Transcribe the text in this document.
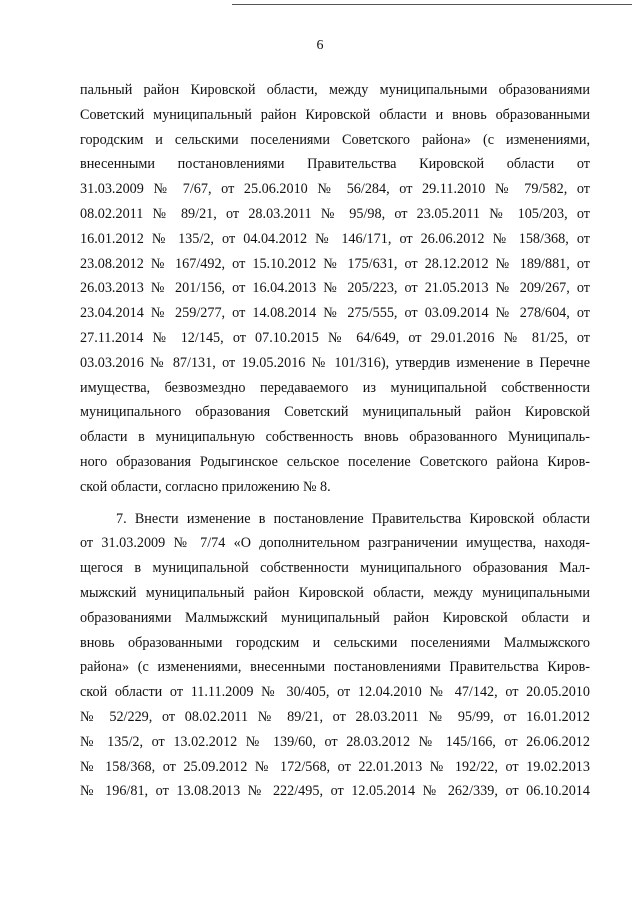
6
пальный район Кировской области, между муниципальными образованиями
Советский муниципальный район Кировской области и вновь образованными
городским и сельскими поселениями Советского района» (с изменениями,
внесенными постановлениями Правительства Кировской области от
31.03.2009 № 7/67, от 25.06.2010 № 56/284, от 29.11.2010 № 79/582, от
08.02.2011 № 89/21, от 28.03.2011 № 95/98, от 23.05.2011 № 105/203, от
16.01.2012 № 135/2, от 04.04.2012 № 146/171, от 26.06.2012 № 158/368, от
23.08.2012 № 167/492, от 15.10.2012 № 175/631, от 28.12.2012 № 189/881, от
26.03.2013 № 201/156, от 16.04.2013 № 205/223, от 21.05.2013 № 209/267, от
23.04.2014 № 259/277, от 14.08.2014 № 275/555, от 03.09.2014 № 278/604, от
27.11.2014 № 12/145, от 07.10.2015 № 64/649, от 29.01.2016 № 81/25, от
03.03.2016 № 87/131, от 19.05.2016 № 101/316), утвердив изменение в Перечне
имущества, безвозмездно передаваемого из муниципальной собственности
муниципального образования Советский муниципальный район Кировской
области в муниципальную собственность вновь образованного Муниципаль-
ного образования Родыгинское сельское поселение Советского района Киров-
ской области, согласно приложению № 8.
7. Внести изменение в постановление Правительства Кировской области
от 31.03.2009 № 7/74 «О дополнительном разграничении имущества, находя-
щегося в муниципальной собственности муниципального образования Мал-
мыжский муниципальный район Кировской области, между муниципальными
образованиями Малмыжский муниципальный район Кировской области и
вновь образованными городским и сельскими поселениями Малмыжского
района» (с изменениями, внесенными постановлениями Правительства Киров-
ской области от 11.11.2009 № 30/405, от 12.04.2010 № 47/142, от 20.05.2010
№ 52/229, от 08.02.2011 № 89/21, от 28.03.2011 № 95/99, от 16.01.2012
№ 135/2, от 13.02.2012 № 139/60, от 28.03.2012 № 145/166, от 26.06.2012
№ 158/368, от 25.09.2012 № 172/568, от 22.01.2013 № 192/22, от 19.02.2013
№ 196/81, от 13.08.2013 № 222/495, от 12.05.2014 № 262/339, от 06.10.2014
